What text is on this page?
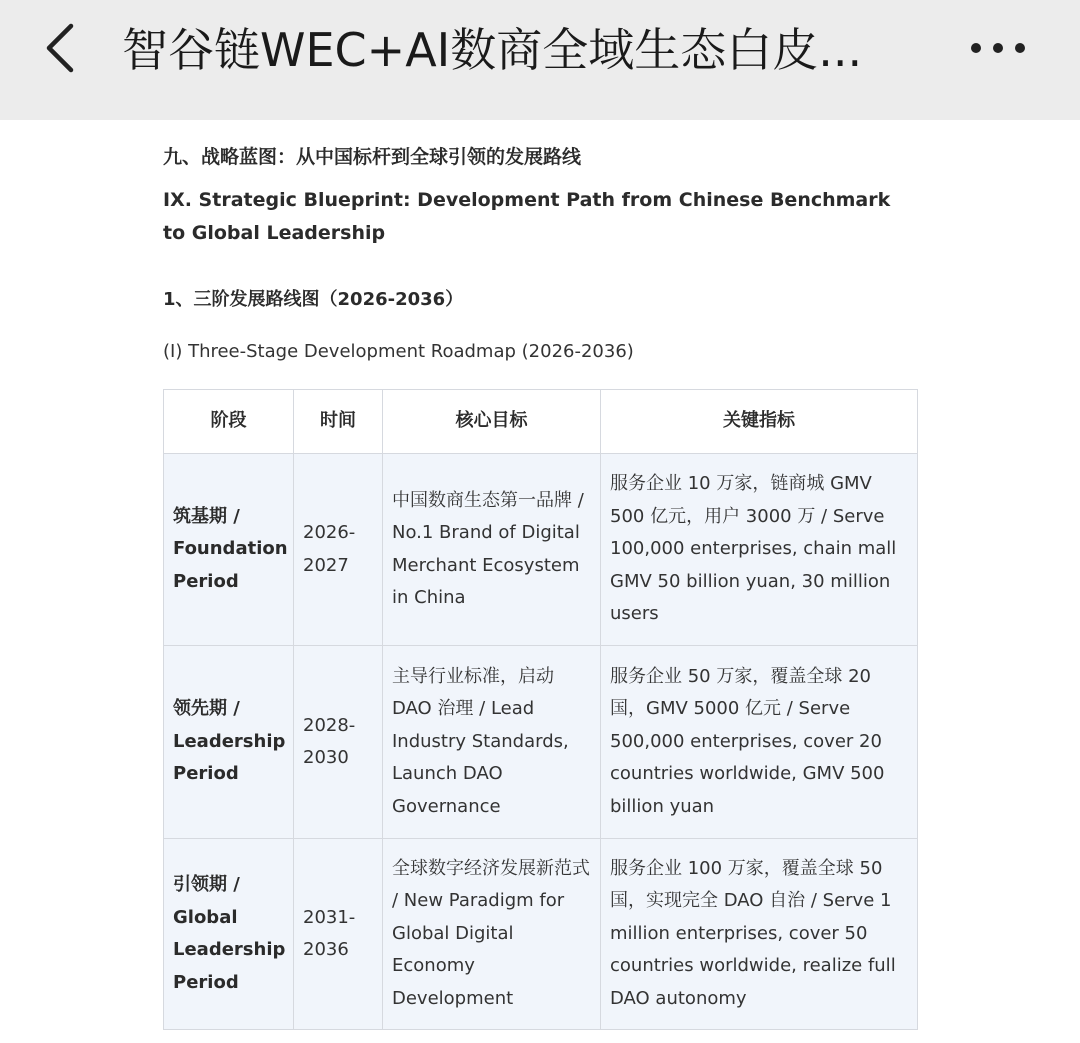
智谷链WEC+AI数商全域生态白皮...
九、战略蓝图：从中国标杆到全球引领的发展路线
IX. Strategic Blueprint: Development Path from Chinese Benchmark to Global Leadership
1、三阶发展路线图（2026-2036）
(I) Three-Stage Development Roadmap (2026-2036)
阶段	时间	核心目标	关键指标
筑基期 / Foundation Period	2026-2027	中国数商生态第一品牌 / No.1 Brand of Digital Merchant Ecosystem in China	服务企业 10 万家，链商城 GMV 500 亿元，用户 3000 万 / Serve 100,000 enterprises, chain mall GMV 50 billion yuan, 30 million users
领先期 / Leadership Period	2028-2030	主导行业标准，启动 DAO 治理 / Lead Industry Standards, Launch DAO Governance	服务企业 50 万家，覆盖全球 20 国，GMV 5000 亿元 / Serve 500,000 enterprises, cover 20 countries worldwide, GMV 500 billion yuan
引领期 / Global Leadership Period	2031-2036	全球数字经济发展新范式 / New Paradigm for Global Digital Economy Development	服务企业 100 万家，覆盖全球 50 国，实现完全 DAO 自治 / Serve 1 million enterprises, cover 50 countries worldwide, realize full DAO autonomy
